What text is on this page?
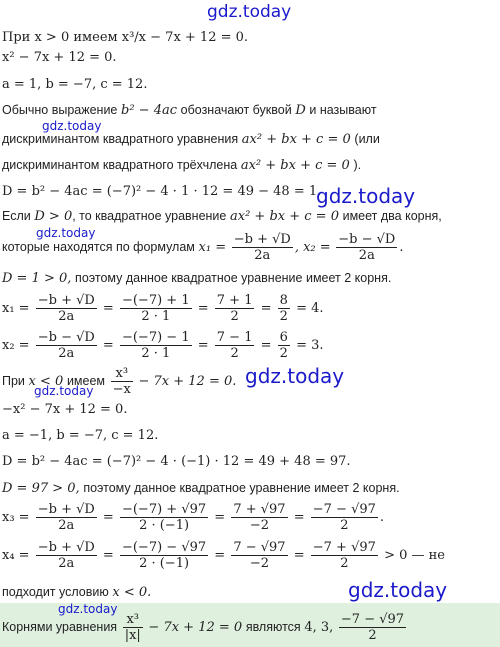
gdz.today
gdz.today
gdz.today
gdz.today
gdz.today
gdz.today
gdz.today
gdz.today
При x > 0 имеем x³/x − 7x + 12 = 0.
x² − 7x + 12 = 0.
a = 1, b = −7, c = 12.
Обычно выражение b² − 4ac обозначают буквой D и называют
дискриминантом квадратного уравнения ax² + bx + c = 0 (или
дискриминантом квадратного трёхчлена ax² + bx + c = 0 ).
D = b² − 4ac = (−7)² − 4 · 1 · 12 = 49 − 48 = 1.
Если D > 0, то квадратное уравнение ax² + bx + c = 0 имеет два корня,
которые находятся по формулам $x_1 = \frac{-b + √D}{2a}$ , $x_2 = \frac{-b - √D}{2a}$ .
D = 1 > 0, поэтому данное квадратное уравнение имеет 2 корня.
$x_1 = \frac{-b + √D}{2a} = \frac{-(-7) + 1}{2 \cdot 1} = \frac{7 + 1}{2} = \frac{8}{2} = 4$.
$x_2 = \frac{-b - √D}{2a} = \frac{-(-7) - 1}{2 \cdot 1} = \frac{7 - 1}{2} = \frac{6}{2} = 3$.
При x < 0 имеем $\frac{\text{x³}}{-x} - 7x + 12 = 0$.
−x² − 7x + 12 = 0.
a = −1, b = −7, c = 12.
D = b² − 4ac = (−7)² − 4 · (−1) · 12 = 49 + 48 = 97.
D = 97 > 0, поэтому данное квадратное уравнение имеет 2 корня.
$x_3 = \frac{-b + √D}{2a} = \frac{-(-7) + √97}{2 \cdot (-1)} = \frac{7 + √97}{-2} = \frac{-7 - √97}{2}$ .
$x_4 = \frac{-b + √D}{2a} = \frac{-(-7) - √97}{2 \cdot (-1)} = \frac{7 - √97}{-2} = \frac{-7 + √97}{2} > 0$ — не
подходит условию x < 0.
Корнями уравнения $\frac{\text{x³}}{|x|} - 7x + 12 = 0$ являются 4, 3, $\frac{-7 - √97}{2}$
